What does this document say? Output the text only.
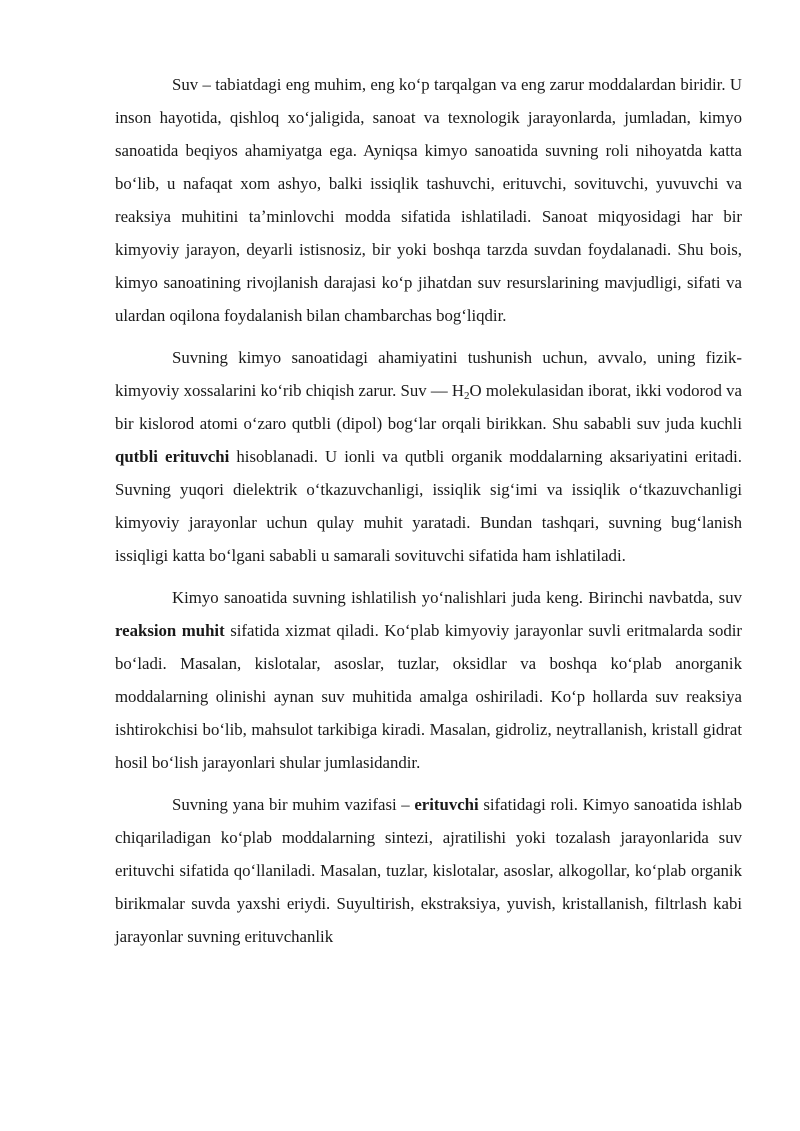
Suv – tabiatdagi eng muhim, eng koʻp tarqalgan va eng zarur moddalardan biridir. U inson hayotida, qishloq xoʻjaligida, sanoat va texnologik jarayonlarda, jumladan, kimyo sanoatida beqiyos ahamiyatga ega. Ayniqsa kimyo sanoatida suvning roli nihoyatda katta boʻlib, u nafaqat xom ashyo, balki issiqlik tashuvchi, erituvchi, sovituvchi, yuvuvchi va reaksiya muhitini taʼminlovchi modda sifatida ishlatiladi. Sanoat miqyosidagi har bir kimyoviy jarayon, deyarli istisnosiz, bir yoki boshqa tarzda suvdan foydalanadi. Shu bois, kimyo sanoatining rivojlanish darajasi koʻp jihatdan suv resurslarining mavjudligi, sifati va ulardan oqilona foydalanish bilan chambarchas bogʻliqdir.

Suvning kimyo sanoatidagi ahamiyatini tushunish uchun, avvalo, uning fizik-kimyoviy xossalarini koʻrib chiqish zarur. Suv — $H_2O$ molekulasidan iborat, ikki vodorod va bir kislorod atomi oʻzaro qutbli (dipol) bogʻlar orqali birikkan. Shu sababli suv juda kuchli qutbli erituvchi hisoblanadi. U ionli va qutbli organik moddalarning aksariyatini eritadi. Suvning yuqori dielektrik oʻtkazuvchanligi, issiqlik sigʻimi va issiqlik oʻtkazuvchanligi kimyoviy jarayonlar uchun qulay muhit yaratadi. Bundan tashqari, suvning bugʻlanish issiqligi katta boʻlgani sababli u samarali sovituvchi sifatida ham ishlatiladi.

Kimyo sanoatida suvning ishlatilish yoʻnalishlari juda keng. Birinchi navbatda, suv reaksion muhit sifatida xizmat qiladi. Koʻplab kimyoviy jarayonlar suvli eritmalarda sodir boʻladi. Masalan, kislotalar, asoslar, tuzlar, oksidlar va boshqa koʻplab anorganik moddalarning olinishi aynan suv muhitida amalga oshiriladi. Koʻp hollarda suv reaksiya ishtirokchisi boʻlib, mahsulot tarkibiga kiradi. Masalan, gidroliz, neytrallanish, kristall gidrat hosil boʻlish jarayonlari shular jumlasidandir.

Suvning yana bir muhim vazifasi – erituvchi sifatidagi roli. Kimyo sanoatida ishlab chiqariladigan koʻplab moddalarning sintezi, ajratilishi yoki tozalash jarayonlarida suv erituvchi sifatida qoʻllaniladi. Masalan, tuzlar, kislotalar, asoslar, alkogollar, koʻplab organik birikmalar suvda yaxshi eriydi. Suyultirish, ekstraksiya, yuvish, kristallanish, filtrlash kabi jarayonlar suvning erituvchanlik
